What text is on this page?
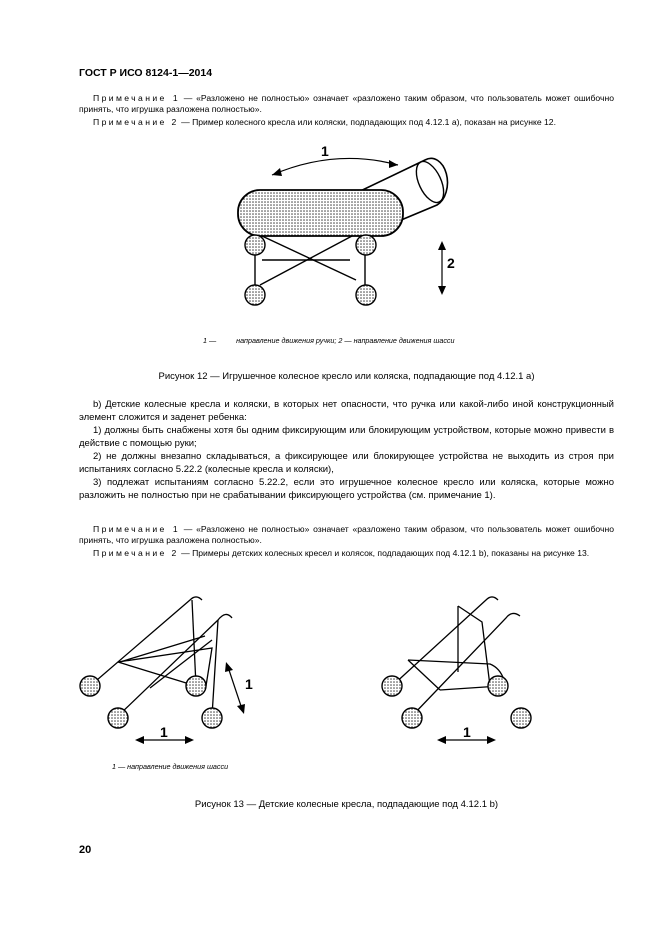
ГОСТ Р ИСО 8124-1—2014
Примечание 1 — «Разложено не полностью» означает «разложено таким образом, что пользователь может ошибочно принять, что игрушка разложена полностью».
Примечание 2 — Пример колесного кресла или коляски, подпадающих под 4.12.1 а), показан на рисунке 12.
1
2
1 —          направление движения ручки; 2 — направление движения шасси
Рисунок 12 — Игрушечное колесное кресло или коляска, подпадающие под 4.12.1 а)
b) Детские колесные кресла и коляски, в которых нет опасности, что ручка или какой-либо иной конструкционный элемент сложится и заденет ребенка:
1) должны быть снабжены хотя бы одним фиксирующим или блокирующим устройством, которые можно привести в действие с помощью руки;
2) не должны внезапно складываться, а фиксирующее или блокирующее устройства не выходить из строя при испытаниях согласно 5.22.2 (колесные кресла и коляски),
3) подлежат испытаниям согласно 5.22.2, если это игрушечное колесное кресло или коляска, которые можно разложить не полностью при не срабатывании фиксирующего устройства (см. примечание 1).
Примечание 1 — «Разложено не полностью» означает «разложено таким образом, что пользователь может ошибочно принять, что игрушка разложена полностью».
Примечание 2 — Примеры детских колесных кресел и колясок, подпадающих под 4.12.1 b), показаны на рисунке 13.
1
1	1
1 — направление движения шасси
Рисунок 13 — Детские колесные кресла, подпадающие под 4.12.1 b)
20
